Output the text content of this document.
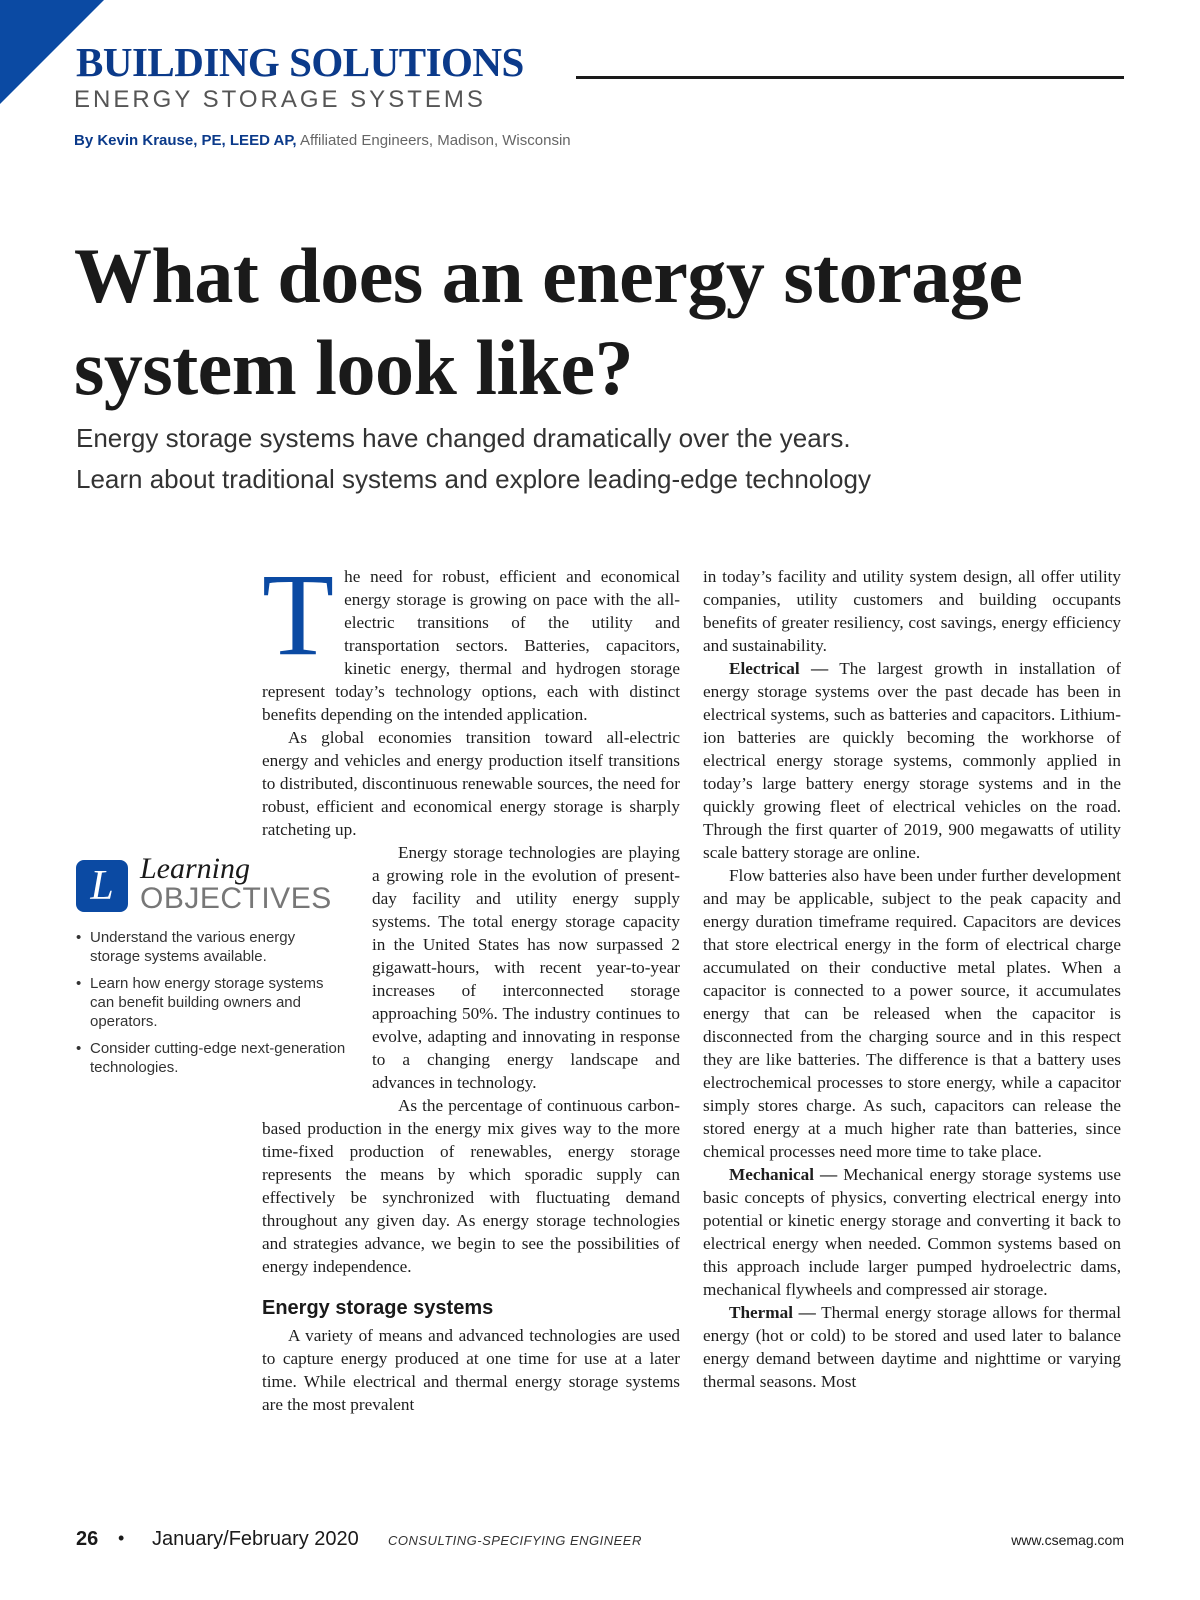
BUILDING SOLUTIONS
ENERGY STORAGE SYSTEMS
By Kevin Krause, PE, LEED AP, Affiliated Engineers, Madison, Wisconsin
What does an energy storage system look like?
Energy storage systems have changed dramatically over the years.
Learn about traditional systems and explore leading-edge technology

The need for robust, efficient and economical energy storage is growing on pace with the all-electric transitions of the utility and transportation sectors. Batteries, capacitors, kinetic energy, thermal and hydrogen storage represent today’s technology options, each with distinct benefits depending on the intended application.

As global economies transition toward all-electric energy and vehicles and energy production itself transitions to distributed, discontinuous renewable sources, the need for robust, efficient and economical energy storage is sharply ratcheting up.

Energy storage technologies are playing a growing role in the evolution of present-day facility and utility energy supply systems. The total energy storage capacity in the United States has now surpassed 2 gigawatt-hours, with recent year-to-year increases of interconnected storage approaching 50%. The industry continues to evolve, adapting and innovating in response to a changing energy landscape and advances in technology.

As the percentage of continuous carbon-based production in the energy mix gives way to the more time-fixed production of renewables, energy storage represents the means by which sporadic supply can effectively be synchronized with fluctuating demand throughout any given day. As energy storage technologies and strategies advance, we begin to see the possibilities of energy independence.

Energy storage systems

A variety of means and advanced technologies are used to capture energy produced at one time for use at a later time. While electrical and thermal energy storage systems are the most prevalent

in today’s facility and utility system design, all offer utility companies, utility customers and building occupants benefits of greater resiliency, cost savings, energy efficiency and sustainability.

Electrical — The largest growth in installation of energy storage systems over the past decade has been in electrical systems, such as batteries and capacitors. Lithium-ion batteries are quickly becoming the workhorse of electrical energy storage systems, commonly applied in today’s large battery energy storage systems and in the quickly growing fleet of electrical vehicles on the road. Through the first quarter of 2019, 900 megawatts of utility scale battery storage are online.

Flow batteries also have been under further development and may be applicable, subject to the peak capacity and energy duration timeframe required. Capacitors are devices that store electrical energy in the form of electrical charge accumulated on their conductive metal plates. When a capacitor is connected to a power source, it accumulates energy that can be released when the capacitor is disconnected from the charging source and in this respect they are like batteries. The difference is that a battery uses electrochemical processes to store energy, while a capacitor simply stores charge. As such, capacitors can release the stored energy at a much higher rate than batteries, since chemical processes need more time to take place.

Mechanical — Mechanical energy storage systems use basic concepts of physics, converting electrical energy into potential or kinetic energy storage and converting it back to electrical energy when needed. Common systems based on this approach include larger pumped hydroelectric dams, mechanical flywheels and compressed air storage.

Thermal — Thermal energy storage allows for thermal energy (hot or cold) to be stored and used later to balance energy demand between daytime and nighttime or varying thermal seasons. Most

L Learning
OBJECTIVES
• Understand the various energy storage systems available.
• Learn how energy storage systems can benefit building owners and operators.
• Consider cutting-edge next-generation technologies.
26 • January/February 2020 CONSULTING-SPECIFYING ENGINEER	www.csemag.com
